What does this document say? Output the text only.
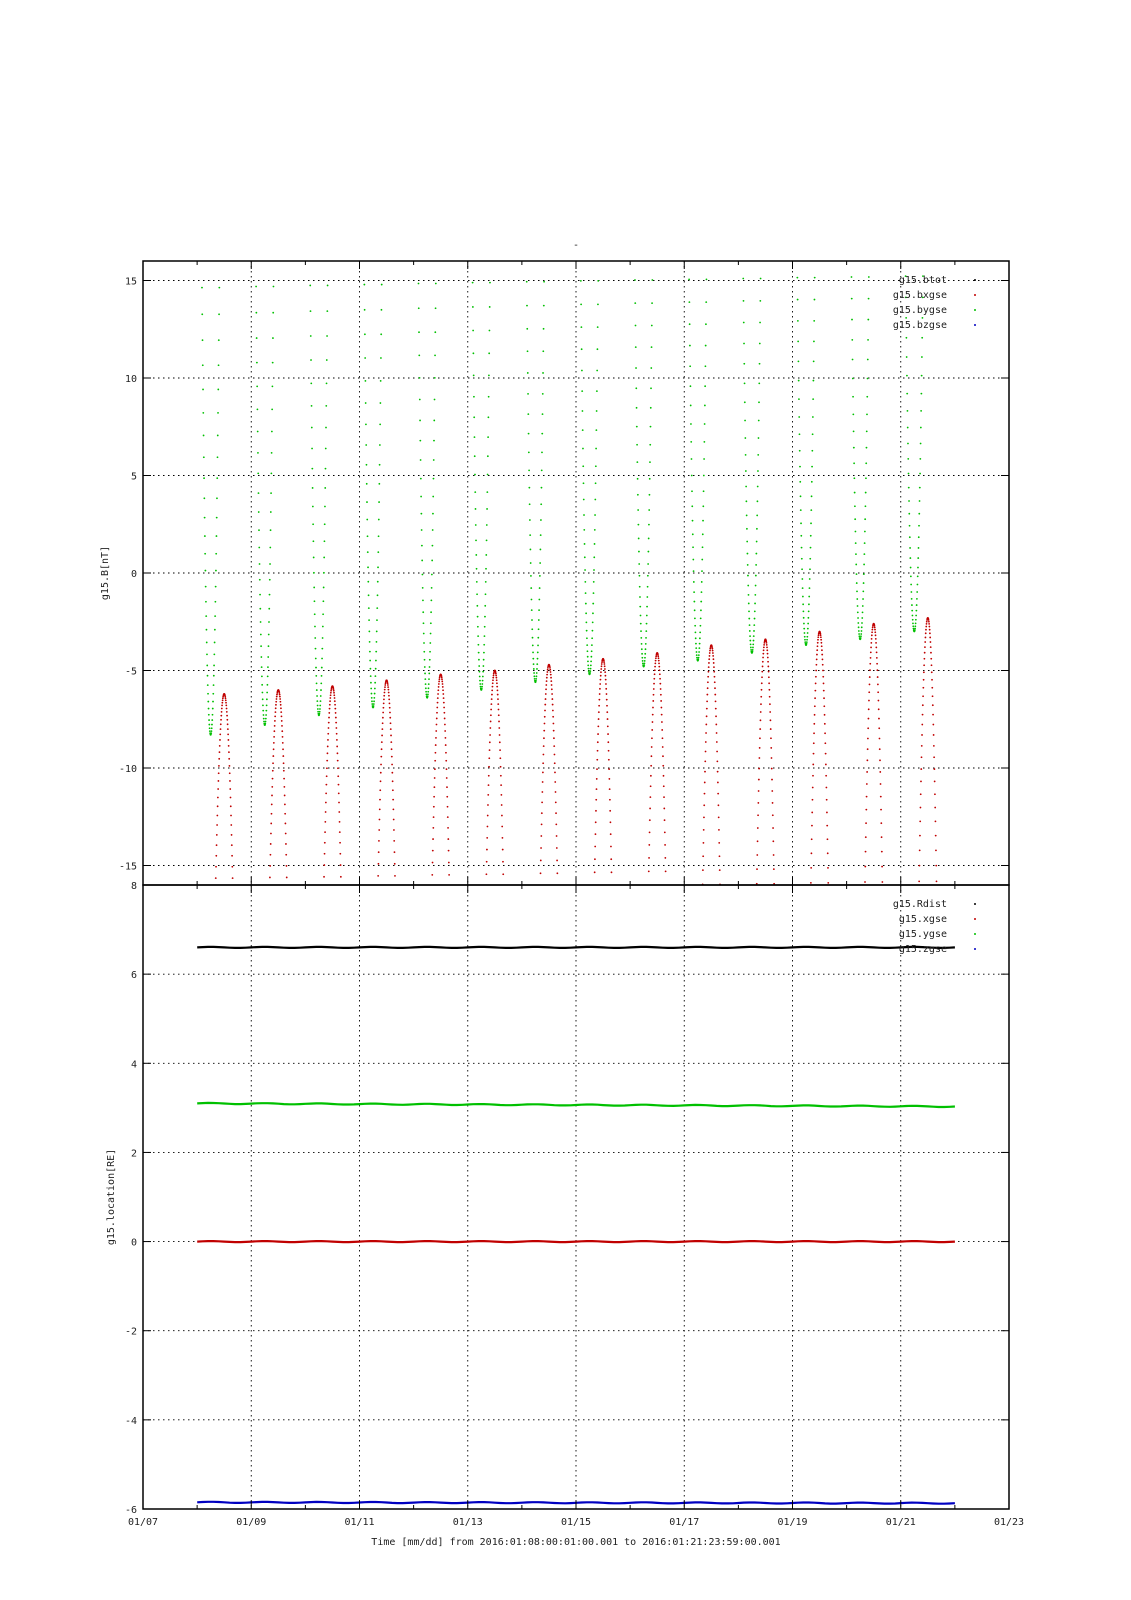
-
-15
-10
-5
0
5
10
15
g15.B[nT]
g15.btot
g15.bxgse
g15.bygse
g15.bzgse
01/07	01/09	01/11	01/13	01/15	01/17	01/19	01/21	01/23
-6
-4
-2
0
2
4
6
8
g15.location[RE]
Time [mm/dd] from 2016:01:08:00:01:00.001 to 2016:01:21:23:59:00.001
g15.Rdist
g15.xgse
g15.ygse
g15.zgse
